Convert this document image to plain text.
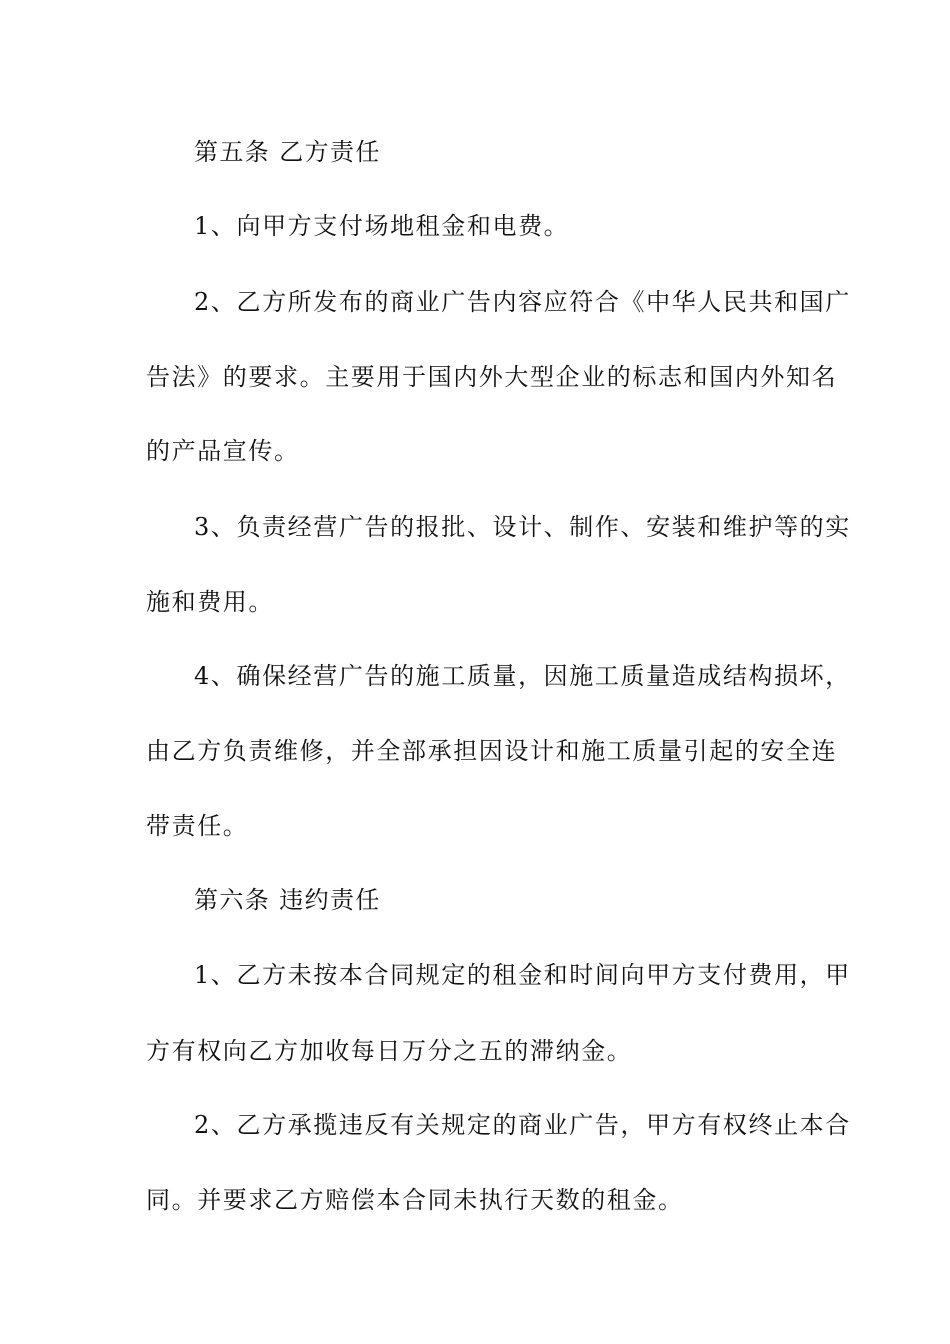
第五条 乙方责任
1、向甲方支付场地租金和电费。
2、乙方所发布的商业广告内容应符合《中华人民共和国广
告法》的要求。主要用于国内外大型企业的标志和国内外知名
的产品宣传。
3、负责经营广告的报批、设计、制作、安装和维护等的实
施和费用。
4、确保经营广告的施工质量，因施工质量造成结构损坏，
由乙方负责维修，并全部承担因设计和施工质量引起的安全连
带责任。
第六条 违约责任
1、乙方未按本合同规定的租金和时间向甲方支付费用，甲
方有权向乙方加收每日万分之五的滞纳金。
2、乙方承揽违反有关规定的商业广告，甲方有权终止本合
同。并要求乙方赔偿本合同未执行天数的租金。
